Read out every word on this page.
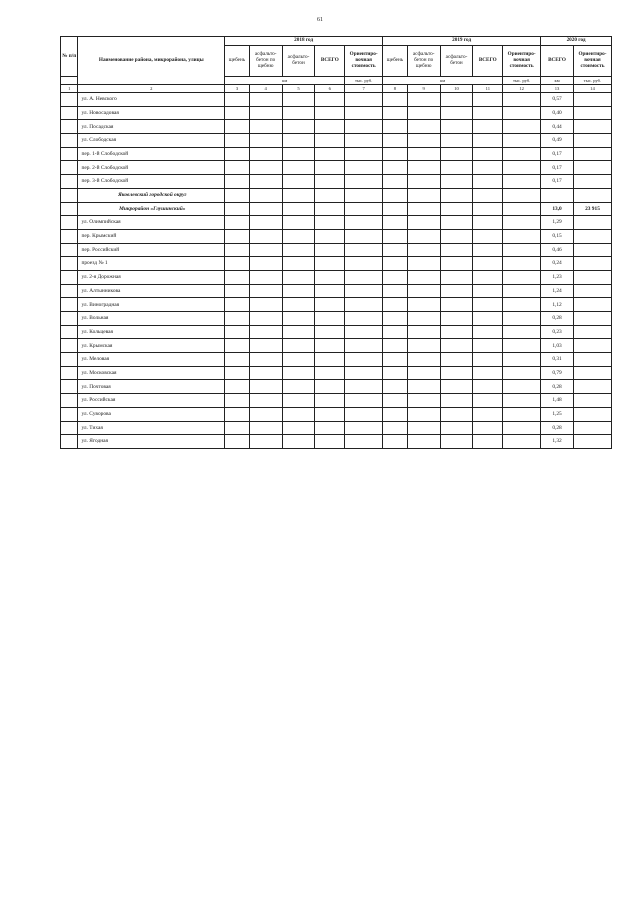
61
№ п/п	Наименование района, микрорайона, улицы	2018 год					2019 год					2020 год	
		щебень	асфальто-бетон по щебню	асфальто-бетон	ВСЕГО	Ориентиро-вочная стоимость	щебень	асфальто-бетон по щебню	асфальто-бетон	ВСЕГО	Ориентиро-вочная стоимость	ВСЕГО	Ориентиро-вочная стоимость
		км				тыс. руб.	км				тыс. руб.	км	тыс. руб.
1	2	3	4	5	6	7	8	9	10	11	12	13	14
	ул. А. Невского											0,57	
	ул. Новосадовая											0,40	
	ул. Посадская											0,44	
	ул. Слободская											0,49	
	пер. 1-й Слободской											0,17	
	пер. 2-й Слободской											0,17	
	пер. 3-й Слободской											0,17	
	Яковлевский городской округ												
	Микрорайон «Глушинский»											13,0	23 915
	ул. Олимпийская											1,29	
	пер. Крымский											0,15	
	пер. Российский											0,46	
	проезд № 1											0,24	
	ул. 2-я Дорожная											1,23	
	ул. Алтынникова											1,24	
	ул. Виноградная											1,12	
	ул. Вольная											0,28	
	ул. Кольцевая											0,23	
	ул. Крымская											1,03	
	ул. Меловая											0,31	
	ул. Московская											0,79	
	ул. Почтовая											0,28	
	ул. Российская											1,48	
	ул. Суворова											1,25	
	ул. Тихая											0,28	
	ул. Ягодная											1,32	
